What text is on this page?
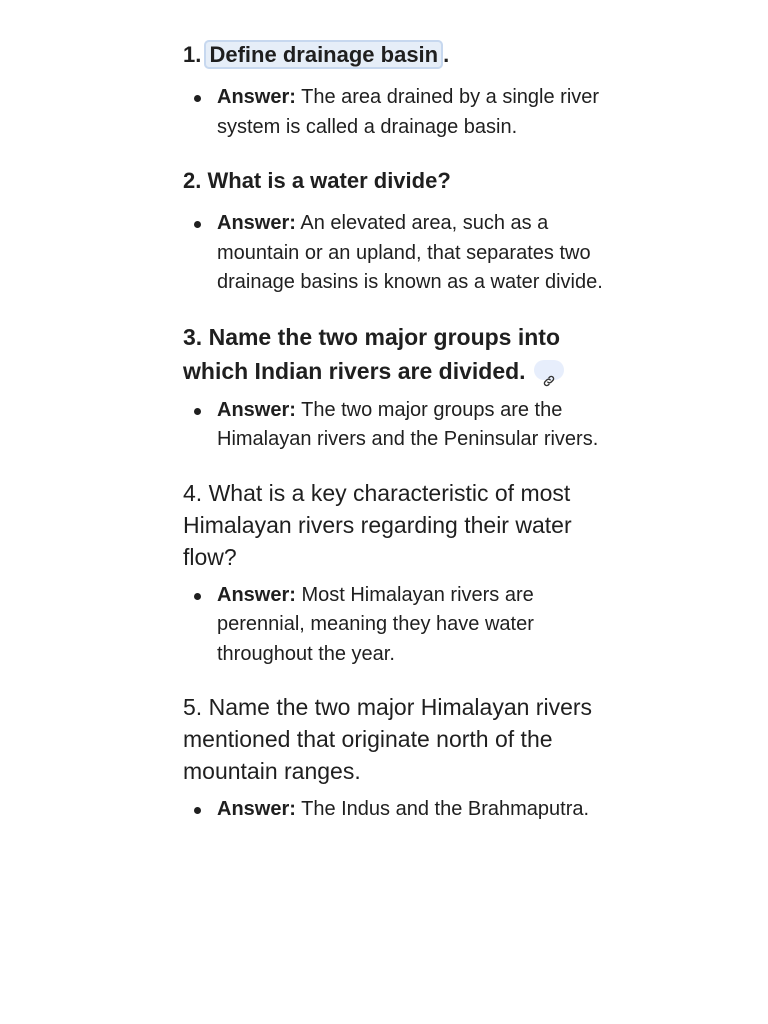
1. Define drainage basin .
Answer: The area drained by a single river system is called a drainage basin.
2. What is a water divide?
Answer: An elevated area, such as a mountain or an upland, that separates two drainage basins is known as a water divide.
3. Name the two major groups into which Indian rivers are divided.
Answer: The two major groups are the Himalayan rivers and the Peninsular rivers.
4. What is a key characteristic of most Himalayan rivers regarding their water flow?
Answer: Most Himalayan rivers are perennial, meaning they have water throughout the year.
5. Name the two major Himalayan rivers mentioned that originate north of the mountain ranges.
Answer: The Indus and the Brahmaputra.
